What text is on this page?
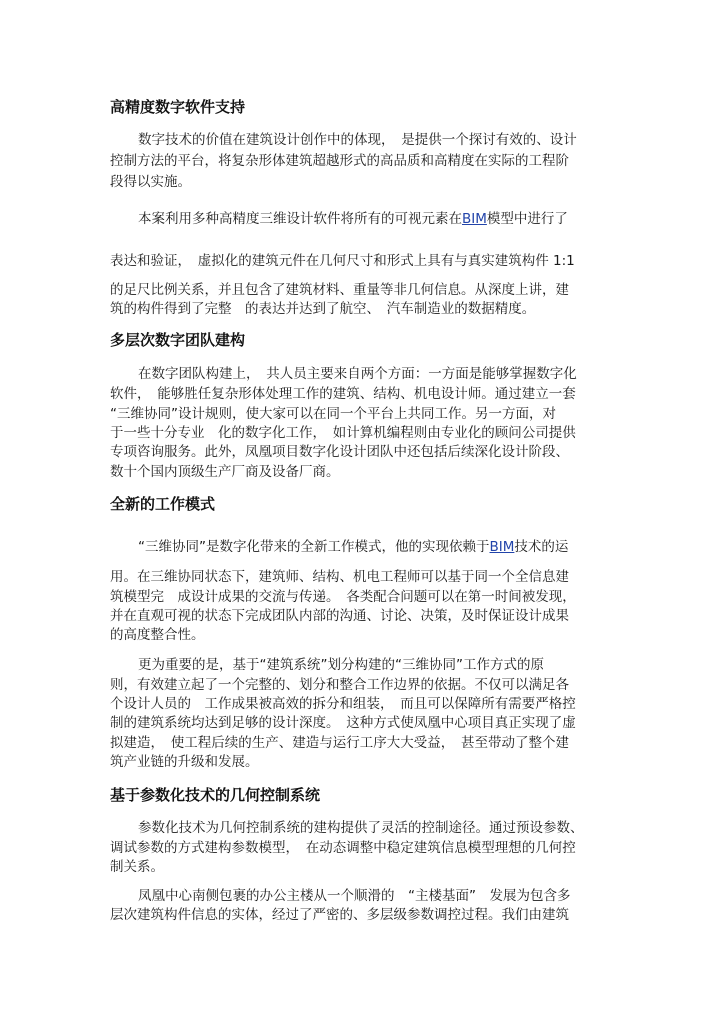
高精度数字软件支持

数字技术的价值在建筑设计创作中的体现，　是提供一个探讨有效的、设计

控制方法的平台，将复杂形体建筑超越形式的高品质和高精度在实际的工程阶

段得以实施。

本案利用多种高精度三维设计软件将所有的可视元素在BIM模型中进行了

表达和验证，　虚拟化的建筑元件在几何尺寸和形式上具有与真实建筑构件 1:1

的足尺比例关系，并且包含了建筑材料、重量等非几何信息。从深度上讲，建

筑的构件得到了完整　的表达并达到了航空、　汽车制造业的数据精度。

多层次数字团队建构

在数字团队构建上，　共人员主要来自两个方面：一方面是能够掌握数字化

软件，　能够胜任复杂形体处理工作的建筑、结构、机电设计师。通过建立一套

“三维协同”设计规则，使大家可以在同一个平台上共同工作。另一方面，对

于一些十分专业　化的数字化工作，　如计算机编程则由专业化的顾问公司提供

专项咨询服务。此外，凤凰项目数字化设计团队中还包括后续深化设计阶段、

数十个国内顶级生产厂商及设备厂商。

全新的工作模式

“三维协同”是数字化带来的全新工作模式，他的实现依赖于BIM技术的运

用。在三维协同状态下，建筑师、结构、机电工程师可以基于同一个全信息建

筑模型完　成设计成果的交流与传递。　各类配合问题可以在第一时间被发现，

并在直观可视的状态下完成团队内部的沟通、讨论、决策，及时保证设计成果

的高度整合性。

更为重要的是，基于“建筑系统”划分构建的“三维协同”工作方式的原

则，有效建立起了一个完整的、划分和整合工作边界的依据。不仅可以满足各

个设计人员的　工作成果被高效的拆分和组装，　而且可以保障所有需要严格控

制的建筑系统均达到足够的设计深度。　这种方式使凤凰中心项目真正实现了虚

拟建造，　使工程后续的生产、建造与运行工序大大受益，　甚至带动了整个建

筑产业链的升级和发展。

基于参数化技术的几何控制系统

参数化技术为几何控制系统的建构提供了灵活的控制途径。通过预设参数、

调试参数的方式建构参数模型，　在动态调整中稳定建筑信息模型理想的几何控

制关系。

凤凰中心南侧包裹的办公主楼从一个顺滑的　“主楼基面”　发展为包含多

层次建筑构件信息的实体，经过了严密的、多层级参数调控过程。我们由建筑
